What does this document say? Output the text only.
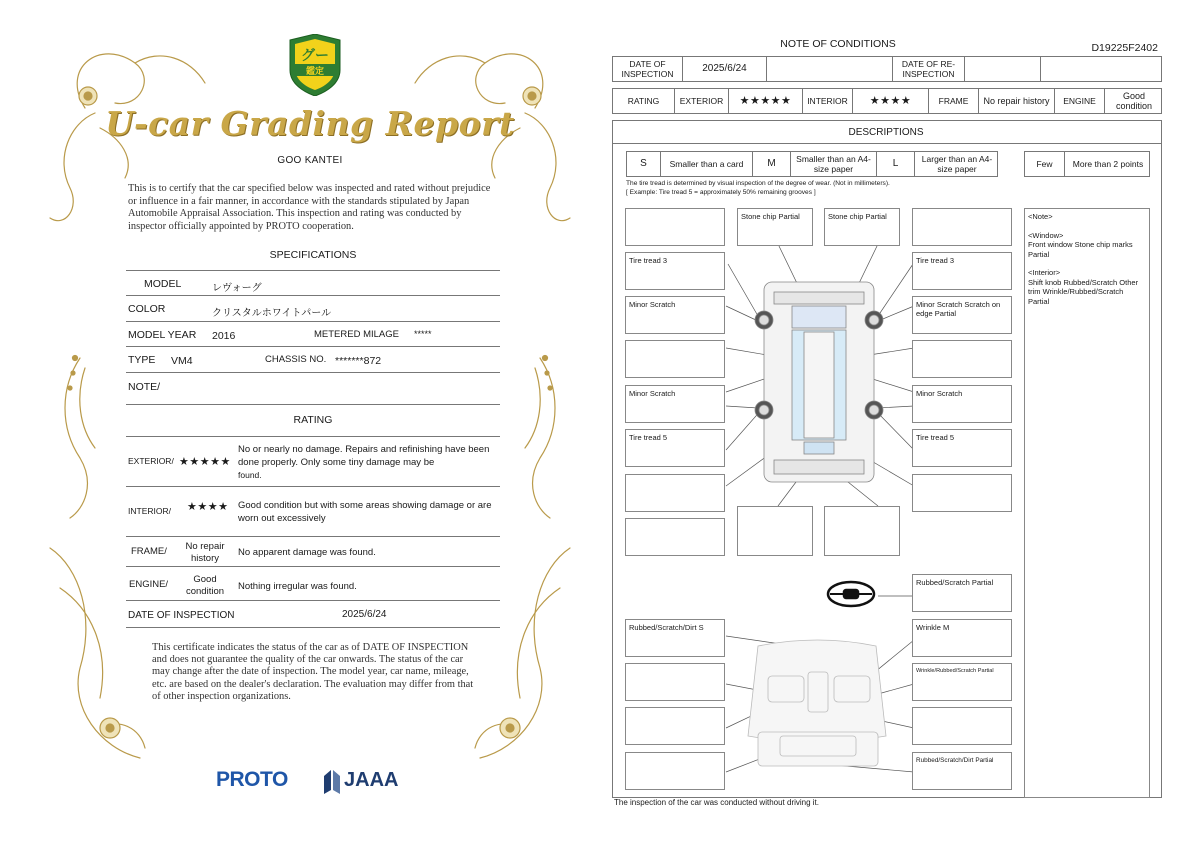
グー
鑑定
U-car Grading Report
GOO KANTEI
This is to certify that the car specified below was inspected and rated without prejudice or influence in a fair manner, in accordance with the standards stipulated by Japan Automobile Appraisal Association. This inspection and rating was conducted by inspector officially appointed by PROTO cooperation.
SPECIFICATIONS
MODEL	レヴォーグ
COLOR	クリスタルホワイトパール
MODEL YEAR 2016	METERED MILAGE *****
TYPE VM4	CHASSIS NO. *******872
NOTE/
RATING
EXTERIOR/ ★★★★★
No or nearly no damage. Repairs and refinishing have been done properly. Only some tiny damage may be
found.
INTERIOR/ ★★★★ Good condition but with some areas showing damage or are worn out excessively
FRAME/	No repair history
No apparent damage was found.
ENGINE/	Good condition	Nothing irregular was found.
DATE OF INSPECTION	2025/6/24
This certificate indicates the status of the car as of DATE OF INSPECTION and does not guarantee the quality of the car onwards. The status of the car may change after the date of inspection. The model year, car name, mileage, etc. are based on the dealer's declaration. The evaluation may differ from that of other inspection organizations.
PROTO	JAAA
NOTE OF CONDITIONS	D19225F2402
DATE OF INSPECTION	2025/6/24	DATE OF RE-INSPECTION
RATING	EXTERIOR	★★★★★	INTERIOR	★★★★	FRAME	No repair history	ENGINE	Good condition
DESCRIPTIONS
S	Smaller than a card	M	Smaller than an A4-size paper	L	Larger than an A4-size paper	Few	More than 2 points
The tire tread is determined by visual inspection of the degree of wear. (Not in millimeters).
[ Example: Tire tread 5 = approximately 50% remaining grooves ]
Stone chip Partial	Stone chip Partial
Tire tread 3
Minor Scratch
Minor Scratch
Tire tread 5
Tire tread 3
Minor Scratch Scratch on edge Partial
Minor Scratch
Tire tread 5
Rubbed/Scratch Partial
Rubbed/Scratch/Dirt S	Wrinkle M
Wrinkle/Rubbed/Scratch Partial
Rubbed/Scratch/Dirt Partial
<Note>
<Window>
Front window Stone chip marks Partial
<Interior>
Shift knob Rubbed/Scratch Other trim Wrinkle/Rubbed/Scratch Partial
The inspection of the car was conducted without driving it.
